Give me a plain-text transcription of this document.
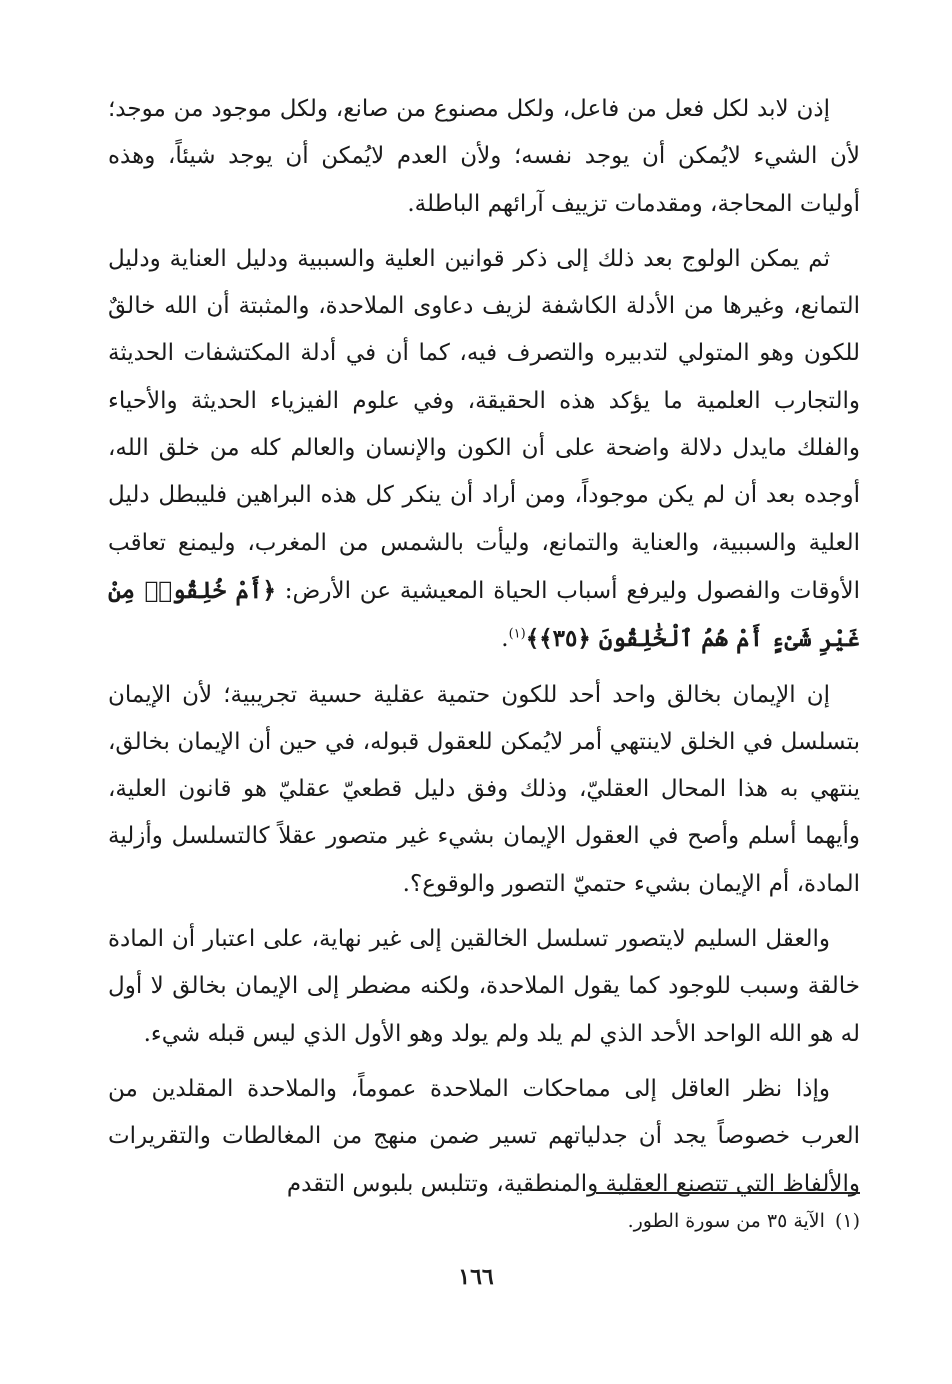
إذن لابد لكل فعل من فاعل، ولكل مصنوع من صانع، ولكل موجود من موجد؛ لأن الشيء لايُمكن أن يوجد نفسه؛ ولأن العدم لايُمكن أن يوجد شيئاً، وهذه أوليات المحاجة، ومقدمات تزييف آرائهم الباطلة.

ثم يمكن الولوج بعد ذلك إلى ذكر قوانين العلية والسببية ودليل العناية ودليل التمانع، وغيرها من الأدلة الكاشفة لزيف دعاوى الملاحدة، والمثبتة أن الله خالقٌ للكون وهو المتولي لتدبيره والتصرف فيه، كما أن في أدلة المكتشفات الحديثة والتجارب العلمية ما يؤكد هذه الحقيقة، وفي علوم الفيزياء الحديثة والأحياء والفلك مايدل دلالة واضحة على أن الكون والإنسان والعالم كله من خلق الله، أوجده بعد أن لم يكن موجوداً، ومن أراد أن ينكر كل هذه البراهين فليبطل دليل العلية والسببية، والعناية والتمانع، وليأت بالشمس من المغرب، وليمنع تعاقب الأوقات والفصول وليرفع أسباب الحياة المعيشية عن الأرض: ﴿أَمْ خُلِقُوا۟ مِنْ غَيْرِ شَىْءٍ أَمْ هُمُ ٱلْخَٰلِقُونَ ﴿٣٥﴾﴾$^{(١)}$.

إن الإيمان بخالق واحد أحد للكون حتمية عقلية حسية تجريبية؛ لأن الإيمان بتسلسل في الخلق لاينتهي أمر لايُمكن للعقول قبوله، في حين أن الإيمان بخالق، ينتهي به هذا المحال العقليّ، وذلك وفق دليل قطعيّ عقليّ هو قانون العلية، وأيهما أسلم وأصح في العقول الإيمان بشيء غير متصور عقلاً كالتسلسل وأزلية المادة، أم الإيمان بشيء حتميّ التصور والوقوع؟.

والعقل السليم لايتصور تسلسل الخالقين إلى غير نهاية، على اعتبار أن المادة خالقة وسبب للوجود كما يقول الملاحدة، ولكنه مضطر إلى الإيمان بخالق لا أول له هو الله الواحد الأحد الذي لم يلد ولم يولد وهو الأول الذي ليس قبله شيء.

وإذا نظر العاقل إلى مماحكات الملاحدة عموماً، والملاحدة المقلدين من العرب خصوصاً يجد أن جدلياتهم تسير ضمن منهج من المغالطات والتقريرات والألفاظ التي تتصنع العقلية والمنطقية، وتتلبس بلبوس التقدم

(١)الآية ٣٥ من سورة الطور.
١٦٦
